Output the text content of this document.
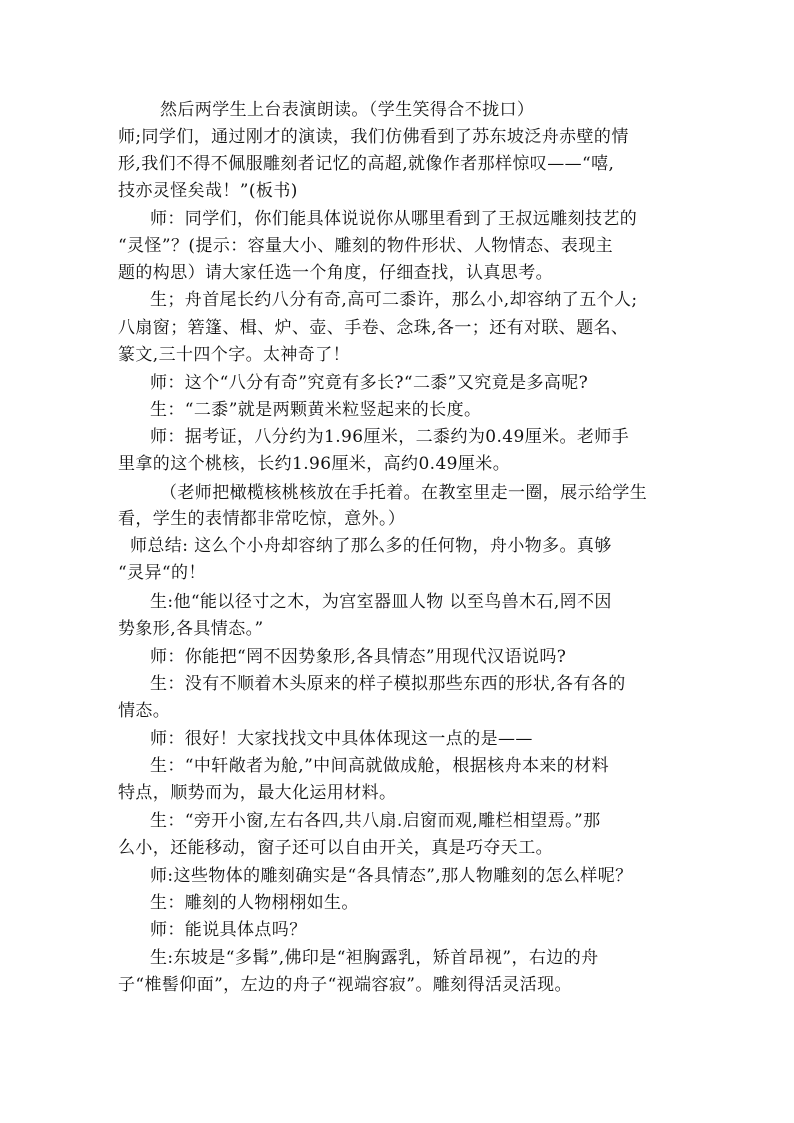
然后两学生上台表演朗读。（学生笑得合不拢口）
师;同学们，通过刚才的演读，我们仿佛看到了苏东坡泛舟赤壁的情
形,我们不得不佩服雕刻者记忆的高超,就像作者那样惊叹——“嘻,
技亦灵怪矣哉！”(板书)
师：同学们，你们能具体说说你从哪里看到了王叔远雕刻技艺的
“灵怪”？(提示：容量大小、雕刻的物件形状、人物情态、表现主
题的构思）请大家任选一个角度，仔细查找，认真思考。
生；舟首尾长约八分有奇,高可二黍许，那么小,却容纳了五个人;
八扇窗；箬篷、楫、炉、壶、手卷、念珠,各一；还有对联、题名、
篆文,三十四个字。太神奇了！
师：这个“八分有奇”究竟有多长?“二黍”又究竟是多高呢?
生：“二黍”就是两颗黄米粒竖起来的长度。
师：据考证，八分约为1.96厘米，二黍约为0.49厘米。老师手
里拿的这个桃核，长约1.96厘米，高约0.49厘米。
（老师把橄榄核桃核放在手托着。在教室里走一圈，展示给学生
看，学生的表情都非常吃惊，意外。）
师总结: 这么个小舟却容纳了那么多的任何物，舟小物多。真够
“灵异“的！
生:他“能以径寸之木，为宫室器皿人物 以至鸟兽木石,罔不因
势象形,各具情态。”
师：你能把“罔不因势象形,各具情态”用现代汉语说吗?
生：没有不顺着木头原来的样子模拟那些东西的形状,各有各的
情态。
师：很好！大家找找文中具体体现这一点的是——
生：“中轩敞者为舱,”中间高就做成舱，根据核舟本来的材料
特点，顺势而为，最大化运用材料。
生：“旁开小窗,左右各四,共八扇.启窗而观,雕栏相望焉。”那
么小，还能移动，窗子还可以自由开关，真是巧夺天工。
师:这些物体的雕刻确实是“各具情态”,那人物雕刻的怎么样呢？
生：雕刻的人物栩栩如生。
师：能说具体点吗？
生:东坡是“多髯”,佛印是“袒胸露乳，矫首昂视”，右边的舟
子“椎髻仰面”，左边的舟子“视端容寂”。雕刻得活灵活现。
